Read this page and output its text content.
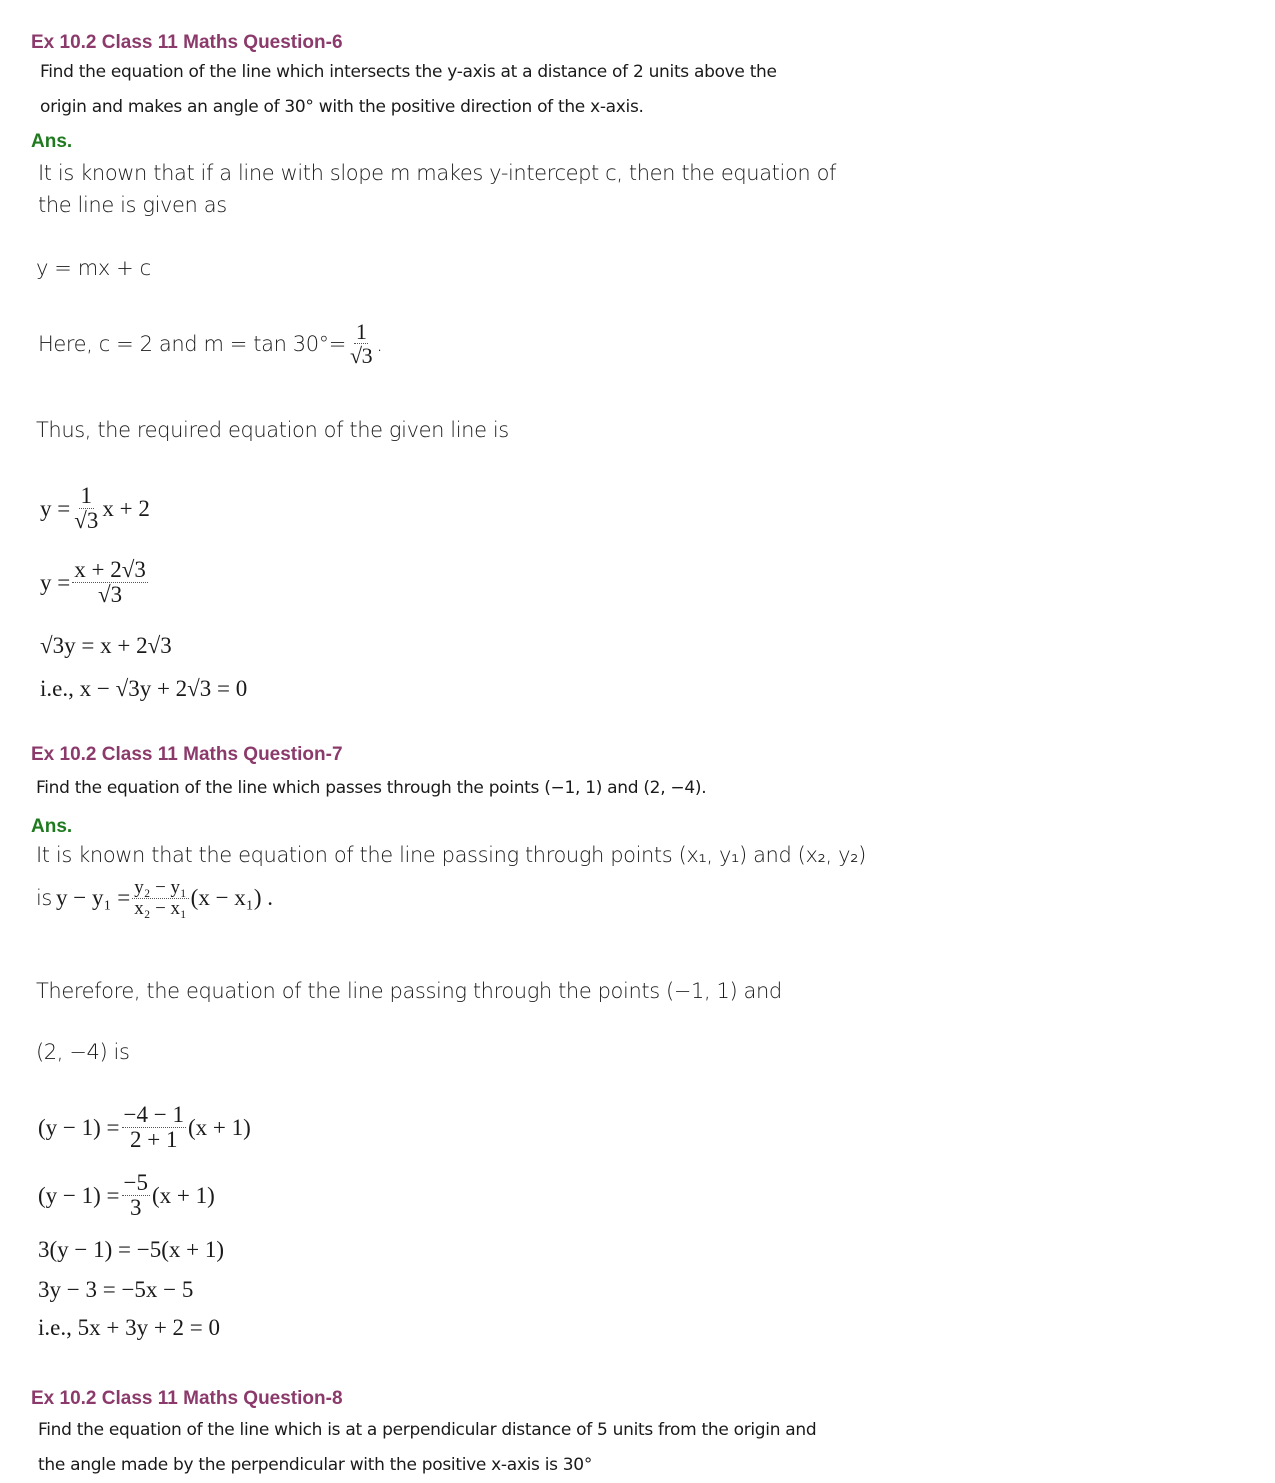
Ex 10.2 Class 11 Maths Question-6
Find the equation of the line which intersects the y-axis at a distance of 2 units above the
origin and makes an angle of 30° with the positive direction of the x-axis.
Ans.
It is known that if a line with slope m makes y-intercept c, then the equation of
the line is given as
y = mx + c
Here, c = 2 and $m = \tan 30^\circ= \frac{1}{√3}$ .
Thus, the required equation of the given line is
$y = \frac{1}{√3}$ x + 2
$y = \frac{x + 2√3}{√3}$
√3y = x + 2√3
i.e., x − √3y + 2√3 = 0
Ex 10.2 Class 11 Maths Question-7
Find the equation of the line which passes through the points (−1, 1) and (2, −4).
Ans.
It is known that the equation of the line passing through points (x₁, y₁) and (x₂, y₂)
is $y - y_1 = \frac{\text{y₂ − y₁}}{\text{x₂ − x₁}} (x - x_1)$ .
Therefore, the equation of the line passing through the points (−1, 1) and
(2, −4) is
$(y - 1) = \frac{-4 - 1}{2 + 1} (x + 1)$
$(y - 1) = \frac{-5}{3} (x + 1)$
3(y − 1) = −5(x + 1)
3y − 3 = −5x − 5
i.e., 5x + 3y + 2 = 0
Ex 10.2 Class 11 Maths Question-8
Find the equation of the line which is at a perpendicular distance of 5 units from the origin and
the angle made by the perpendicular with the positive x-axis is 30°
